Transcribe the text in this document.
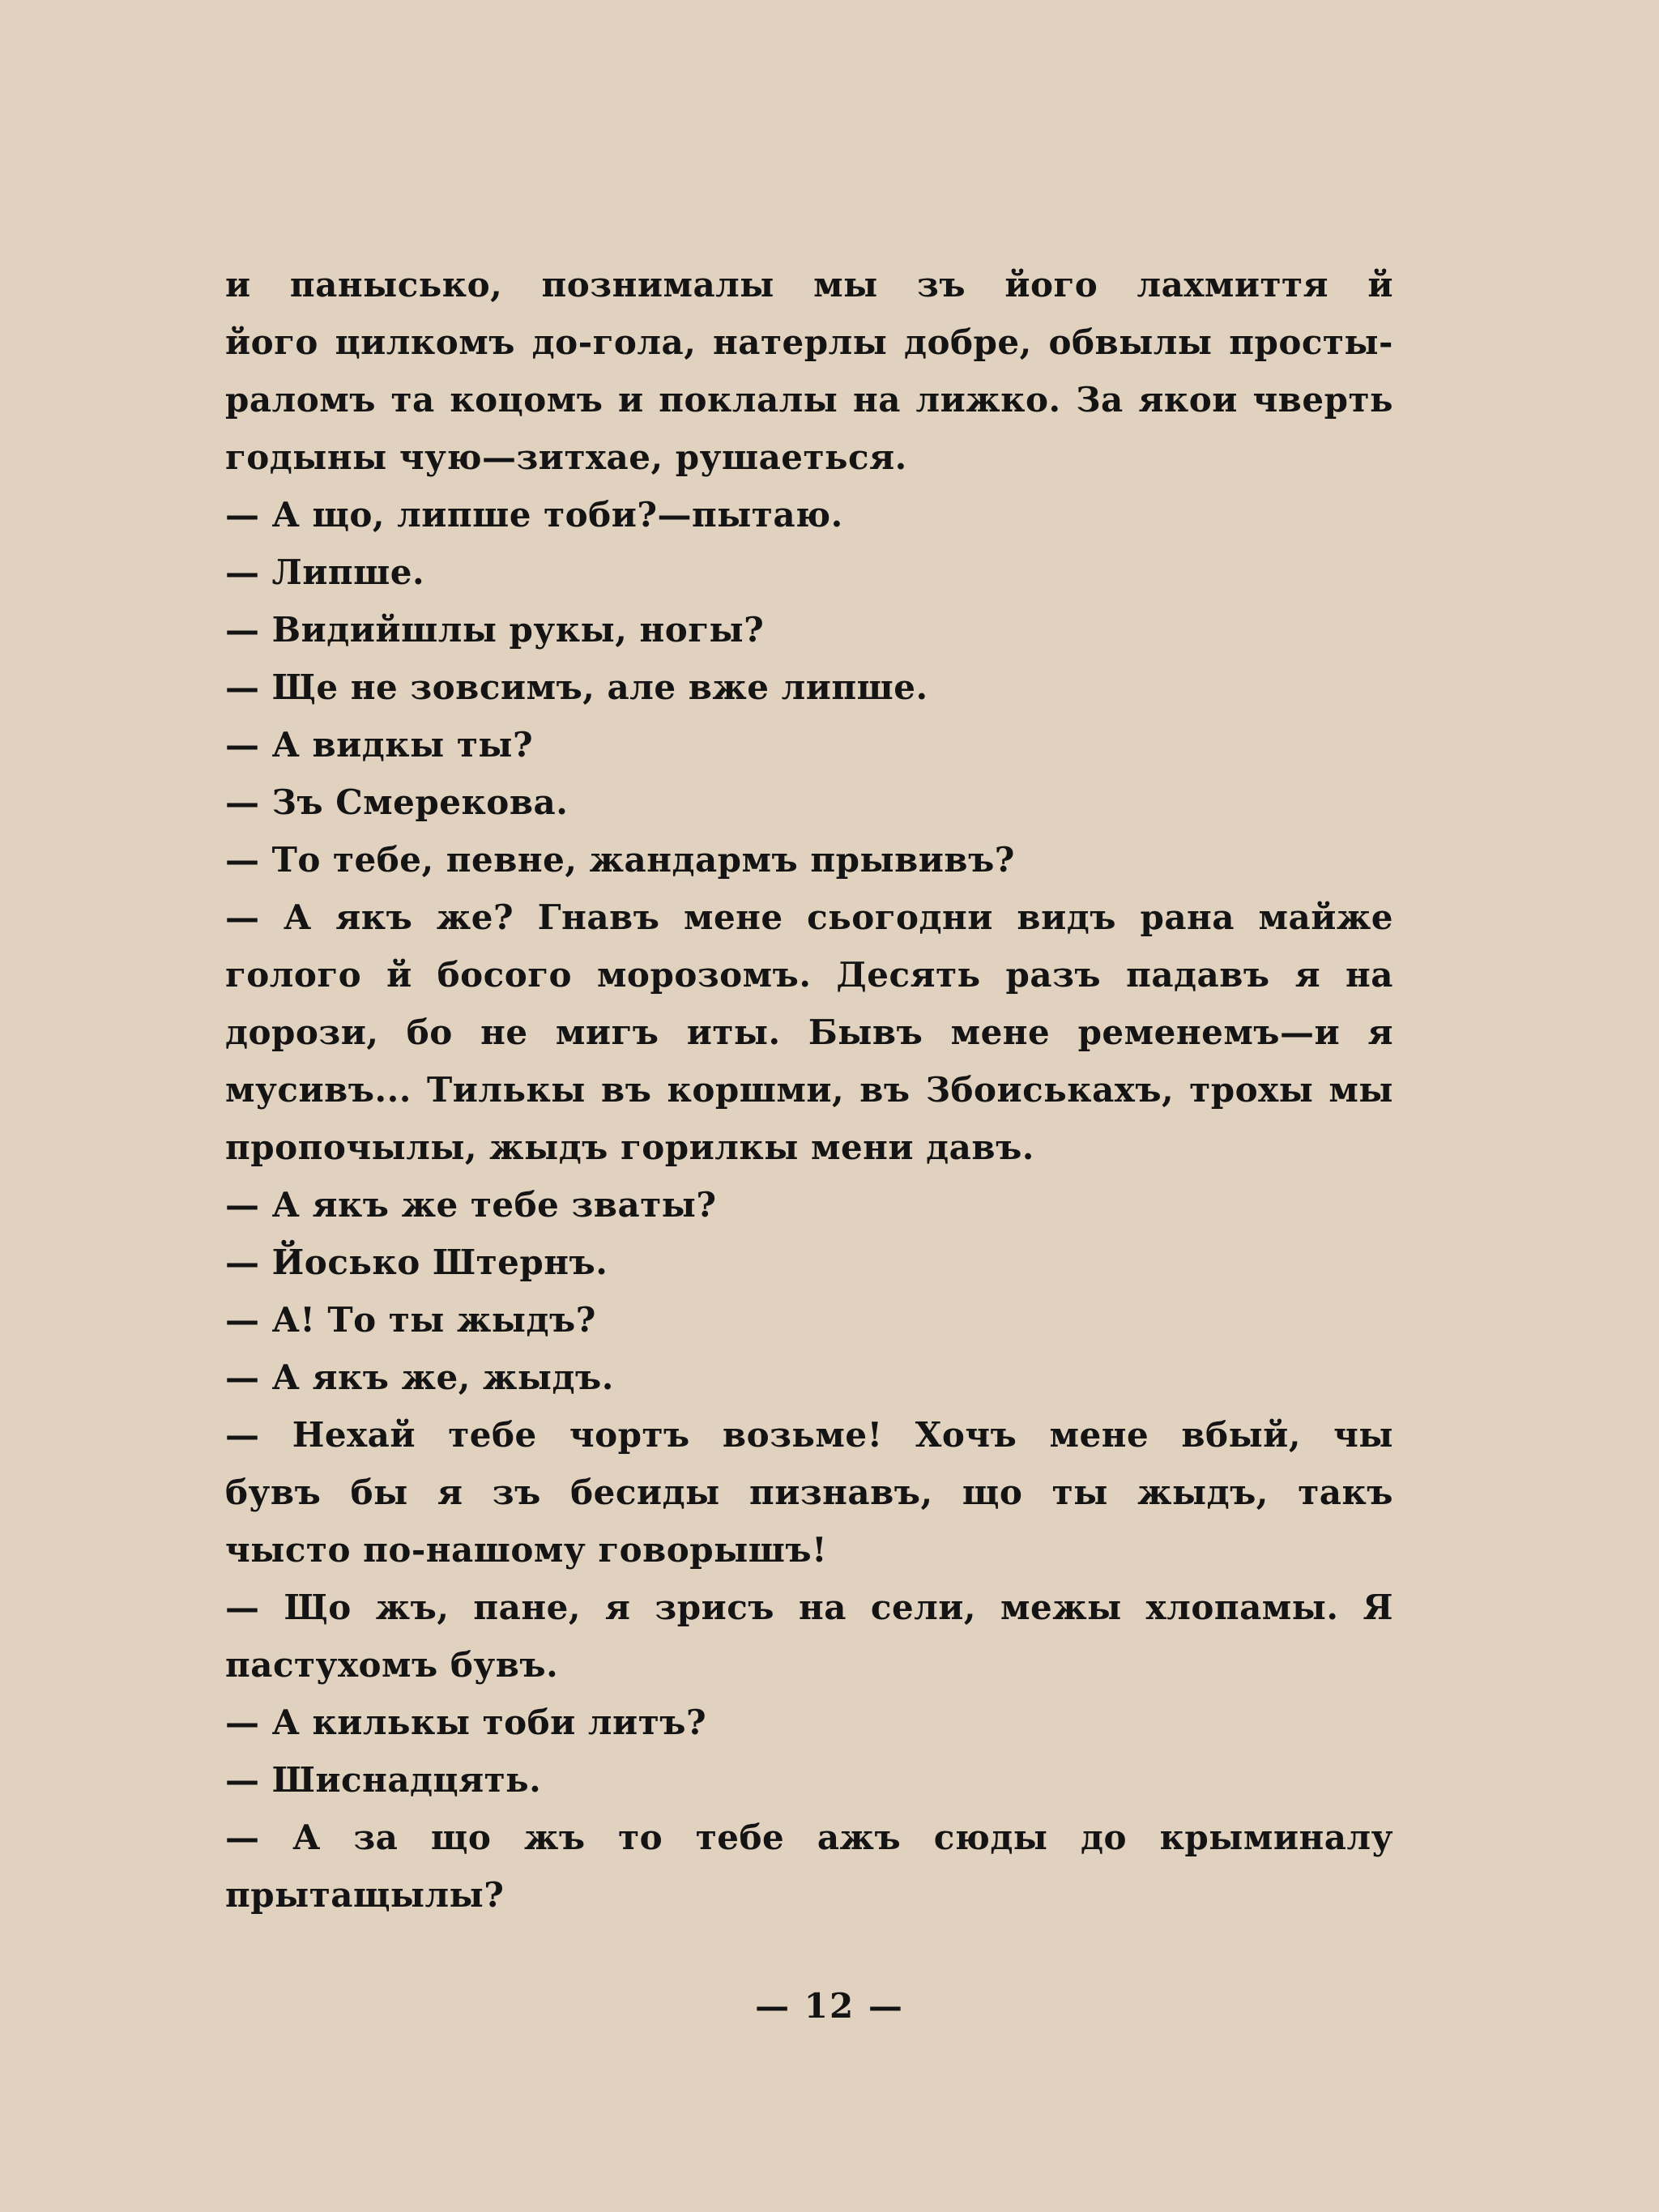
и панысько, познималы мы зъ його лахмиття й
його цилкомъ до-гола, натерлы добре, обвылы просты-
раломъ та коцомъ и поклалы на лижко. За якои чверть
годыны чую—зитхае, рушаеться.
— А що, липше тоби?—пытаю.
— Липше.
— Видийшлы рукы, ногы?
— Ще не зовсимъ, але вже липше.
— А видкы ты?
— Зъ Смерекова.
— То тебе, певне, жандармъ прывивъ?
— А якъ же? Гнавъ мене сьогодни видъ рана майже
голого й босого морозомъ. Десять разъ падавъ я на
дорози, бо не мигъ иты. Бывъ мене ременемъ—и я
мусивъ... Тилькы въ коршми, въ Збоиськахъ, трохы мы
пропочылы, жыдъ горилкы мени давъ.
— А якъ же тебе зваты?
— Йосько Штернъ.
— А! То ты жыдъ?
— А якъ же, жыдъ.
— Нехай тебе чортъ возьме! Хочъ мене вбый, чы
бувъ бы я зъ бесиды пизнавъ, що ты жыдъ, такъ
чысто по-нашому говорышъ!
— Що жъ, пане, я зрисъ на сели, межы хлопамы. Я
пастухомъ бувъ.
— А килькы тоби литъ?
— Шиснадцять.
— А за що жъ то тебе ажъ сюды до крыминалу
прытащылы?
— 12 —
